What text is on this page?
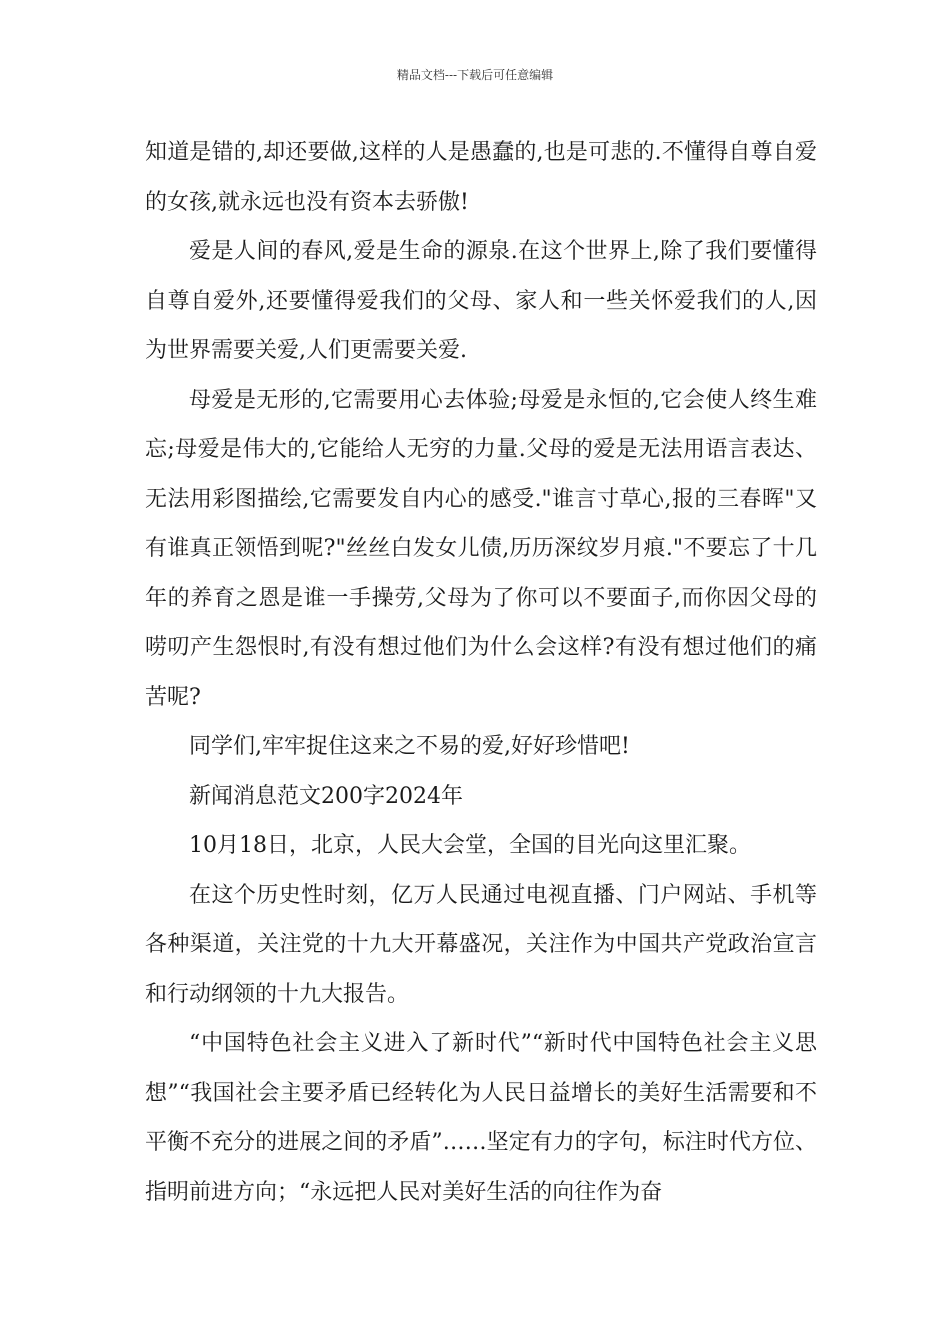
精品文档---下载后可任意编辑

知道是错的,却还要做,这样的人是愚蠢的,也是可悲的.不懂得自尊自爱的女孩,就永远也没有资本去骄傲!

爱是人间的春风,爱是生命的源泉.在这个世界上,除了我们要懂得自尊自爱外,还要懂得爱我们的父母、家人和一些关怀爱我们的人,因为世界需要关爱,人们更需要关爱.

母爱是无形的,它需要用心去体验;母爱是永恒的,它会使人终生难忘;母爱是伟大的,它能给人无穷的力量.父母的爱是无法用语言表达、无法用彩图描绘,它需要发自内心的感受."谁言寸草心,报的三春晖"又有谁真正领悟到呢?"丝丝白发女儿债,历历深纹岁月痕."不要忘了十几年的养育之恩是谁一手操劳,父母为了你可以不要面子,而你因父母的唠叨产生怨恨时,有没有想过他们为什么会这样?有没有想过他们的痛苦呢?

同学们,牢牢捉住这来之不易的爱,好好珍惜吧!

新闻消息范文200字2024年

10月18日，北京，人民大会堂，全国的目光向这里汇聚。

在这个历史性时刻，亿万人民通过电视直播、门户网站、手机等各种渠道，关注党的十九大开幕盛况，关注作为中国共产党政治宣言和行动纲领的十九大报告。

“中国特色社会主义进入了新时代”“新时代中国特色社会主义思想”“我国社会主要矛盾已经转化为人民日益增长的美好生活需要和不平衡不充分的进展之间的矛盾”……坚定有力的字句，标注时代方位、指明前进方向；“永远把人民对美好生活的向往作为奋
